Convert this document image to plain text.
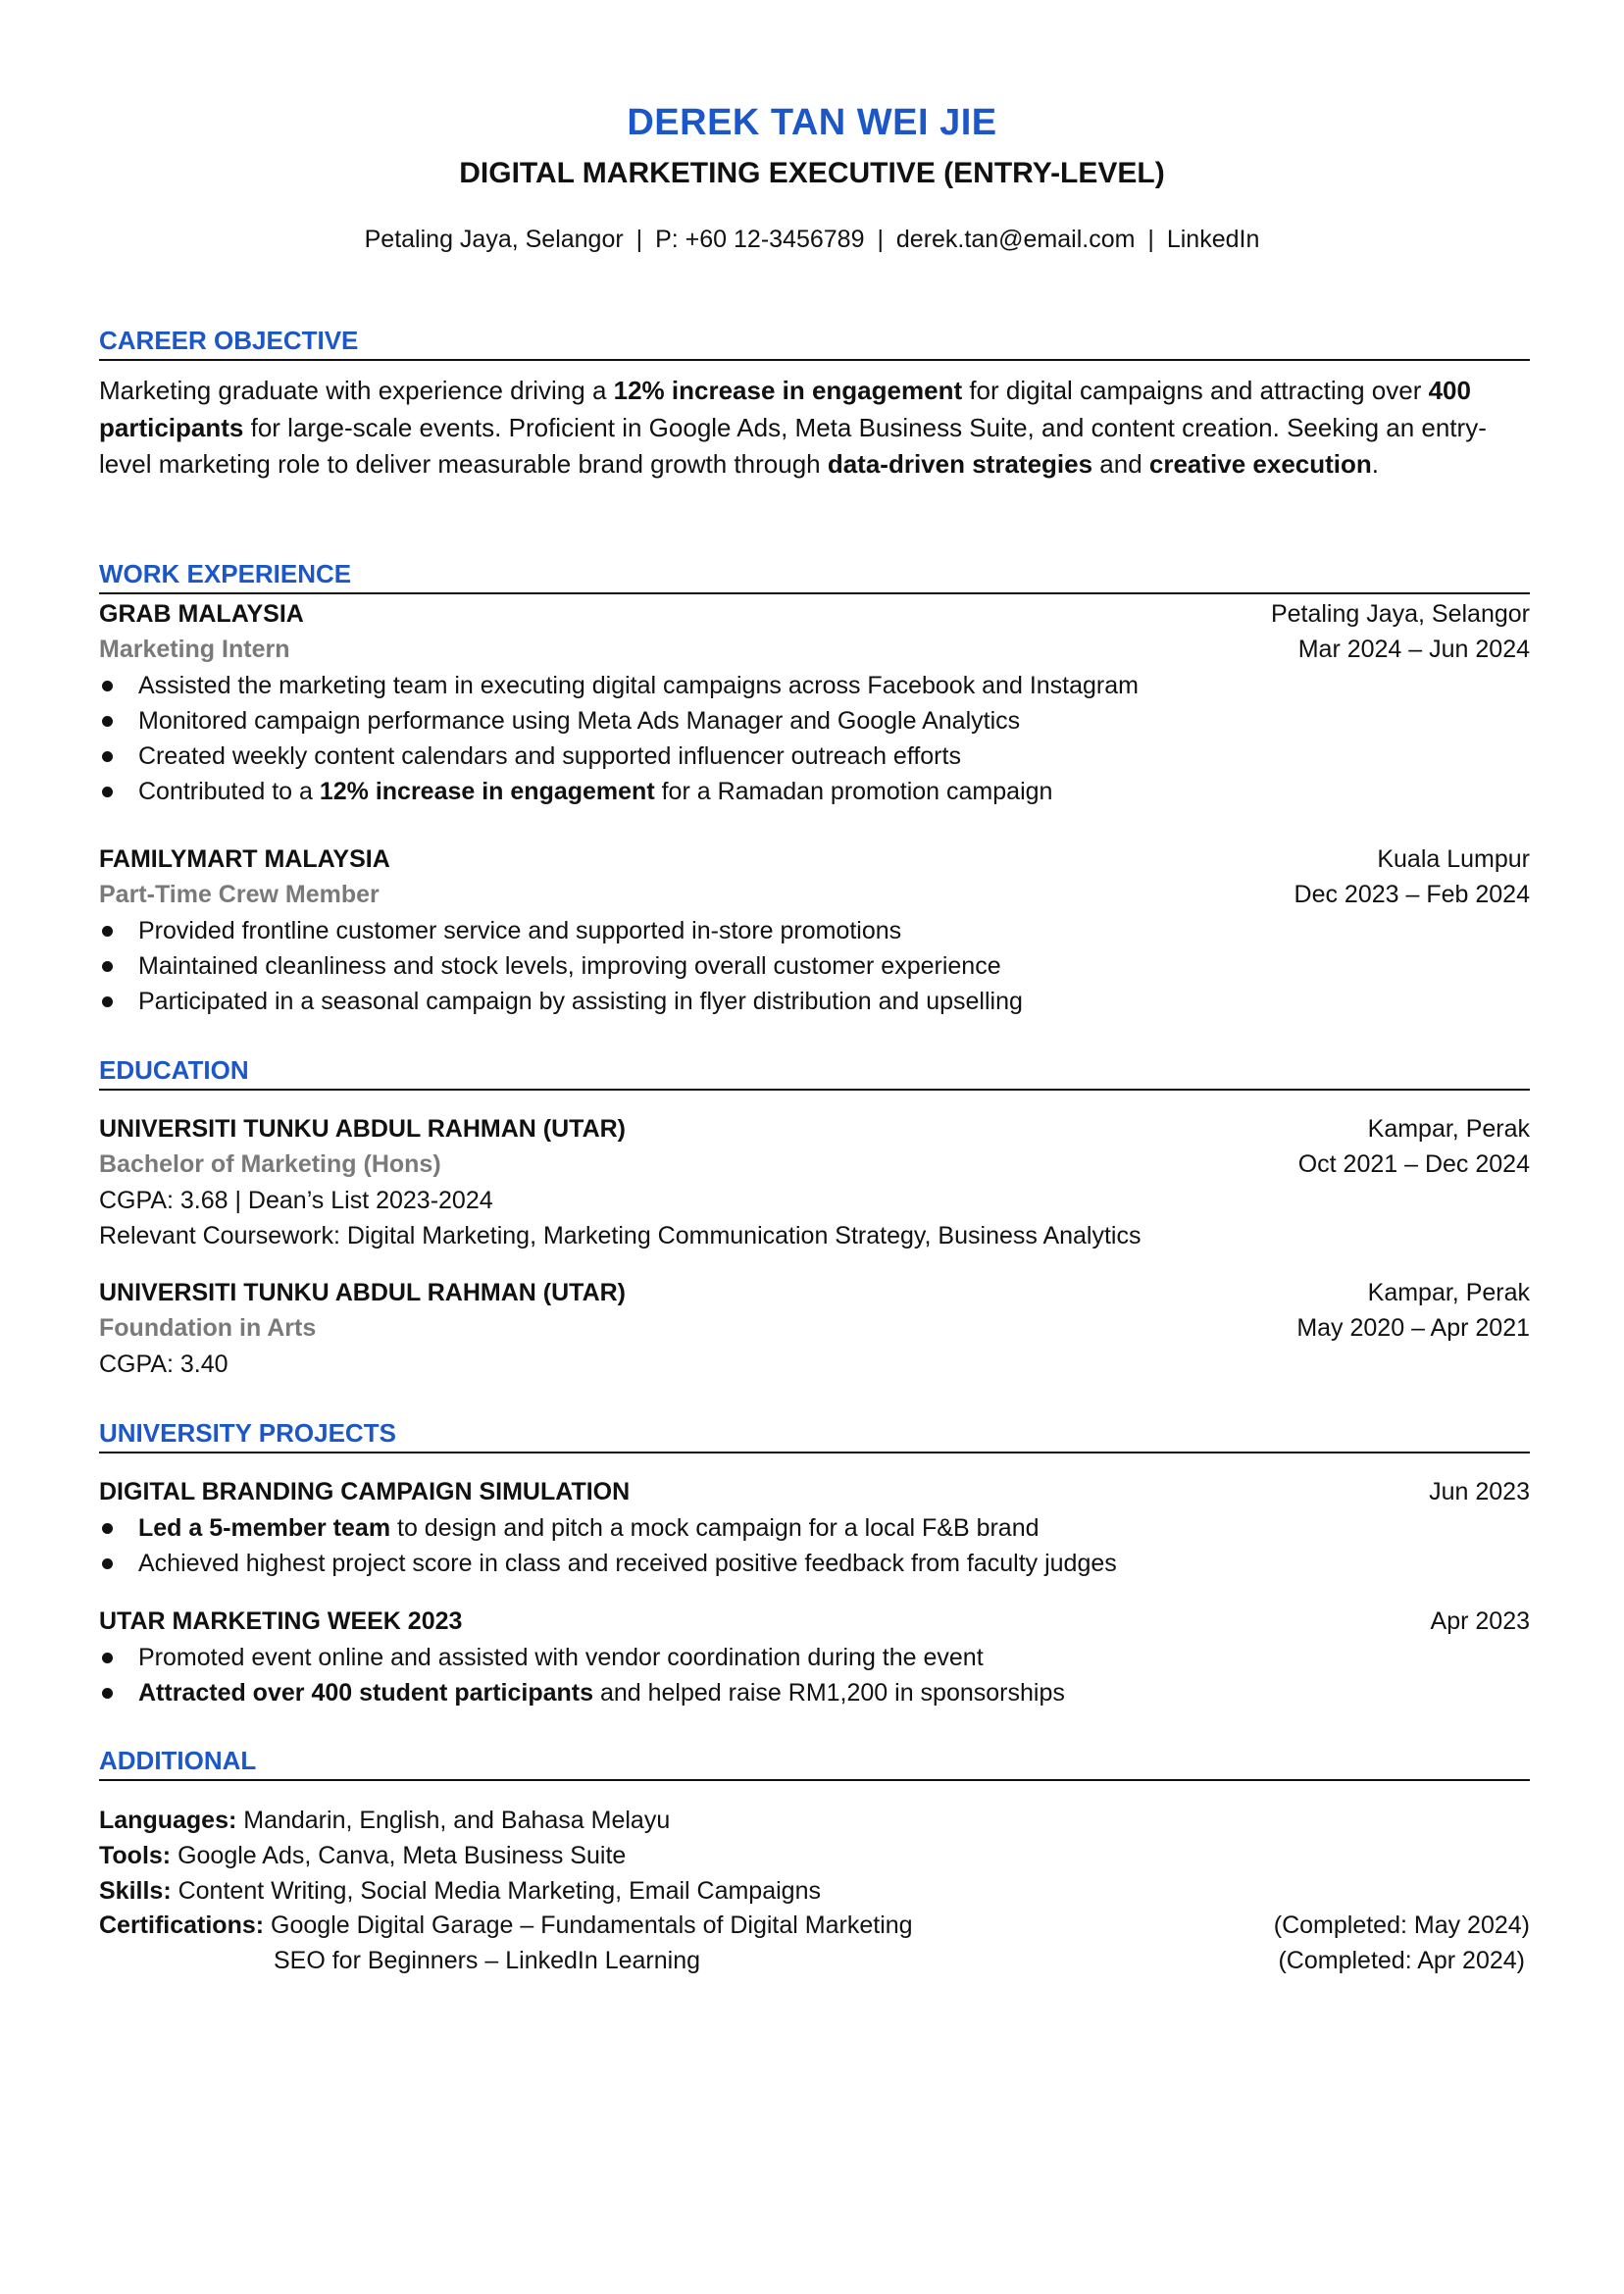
DEREK TAN WEI JIE
DIGITAL MARKETING EXECUTIVE (ENTRY-LEVEL)
Petaling Jaya, Selangor | P: +60 12-3456789 | derek.tan@email.com | LinkedIn
CAREER OBJECTIVE
Marketing graduate with experience driving a 12% increase in engagement for digital campaigns and attracting over 400 participants for large-scale events. Proficient in Google Ads, Meta Business Suite, and content creation. Seeking an entry-level marketing role to deliver measurable brand growth through data-driven strategies and creative execution.
WORK EXPERIENCE
GRAB MALAYSIA	Petaling Jaya, Selangor
Marketing Intern	Mar 2024 – Jun 2024
Assisted the marketing team in executing digital campaigns across Facebook and Instagram
Monitored campaign performance using Meta Ads Manager and Google Analytics
Created weekly content calendars and supported influencer outreach efforts
Contributed to a 12% increase in engagement for a Ramadan promotion campaign
FAMILYMART MALAYSIA	Kuala Lumpur
Part-Time Crew Member	Dec 2023 – Feb 2024
Provided frontline customer service and supported in-store promotions
Maintained cleanliness and stock levels, improving overall customer experience
Participated in a seasonal campaign by assisting in flyer distribution and upselling
EDUCATION
UNIVERSITI TUNKU ABDUL RAHMAN (UTAR)	Kampar, Perak
Bachelor of Marketing (Hons)	Oct 2021 – Dec 2024
CGPA: 3.68 | Dean’s List 2023-2024
Relevant Coursework: Digital Marketing, Marketing Communication Strategy, Business Analytics
UNIVERSITI TUNKU ABDUL RAHMAN (UTAR)	Kampar, Perak
Foundation in Arts	May 2020 – Apr 2021
CGPA: 3.40
UNIVERSITY PROJECTS
DIGITAL BRANDING CAMPAIGN SIMULATION	Jun 2023
Led a 5-member team to design and pitch a mock campaign for a local F&B brand
Achieved highest project score in class and received positive feedback from faculty judges
UTAR MARKETING WEEK 2023	Apr 2023
Promoted event online and assisted with vendor coordination during the event
Attracted over 400 student participants and helped raise RM1,200 in sponsorships
ADDITIONAL
Languages: Mandarin, English, and Bahasa Melayu
Tools: Google Ads, Canva, Meta Business Suite
Skills: Content Writing, Social Media Marketing, Email Campaigns
Certifications: Google Digital Garage – Fundamentals of Digital Marketing	(Completed: May 2024)
SEO for Beginners – LinkedIn Learning	(Completed: Apr 2024)
